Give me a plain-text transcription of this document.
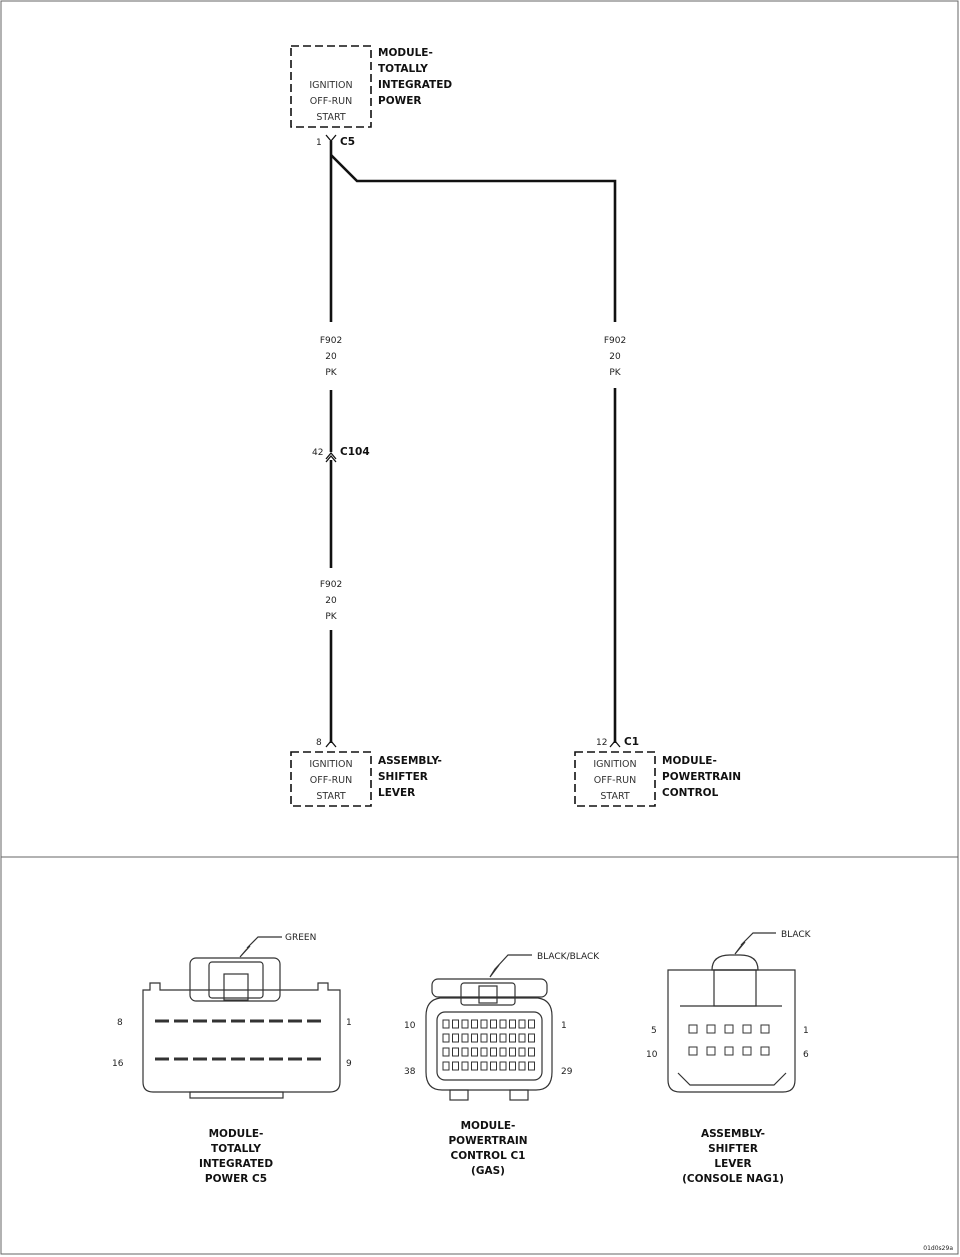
IGNITION
OFF-RUN
START
MODULE-
TOTALLY
INTEGRATED
POWER
1 C5
F902
20
PK
F902
20
PK
F902
20
PK
42 C104
8
IGNITION
OFF-RUN
START
ASSEMBLY-
SHIFTER
LEVER
12 C1
IGNITION
OFF-RUN
START
MODULE-
POWERTRAIN
CONTROL
GREEN
8	1
16	9
MODULE-
TOTALLY
INTEGRATED
POWER C5
BLACK/BLACK
10	1
38	29
MODULE-
POWERTRAIN
CONTROL C1
(GAS)
BLACK
5	1
10	6
ASSEMBLY-
SHIFTER
LEVER
(CONSOLE NAG1)
01d0s29a
